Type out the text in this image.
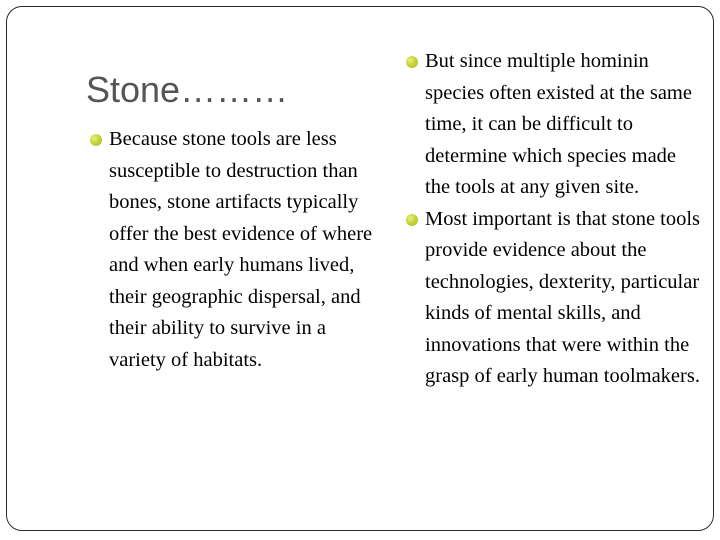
Stone………
Because stone tools are less susceptible to destruction than bones, stone artifacts typically offer the best evidence of where and when early humans lived, their geographic dispersal, and their ability to survive in a variety of habitats.
But since multiple hominin species often existed at the same time, it can be difficult to determine which species made the tools at any given site.
Most important is that stone tools provide evidence about the technologies, dexterity, particular kinds of mental skills, and innovations that were within the grasp of early human toolmakers.
